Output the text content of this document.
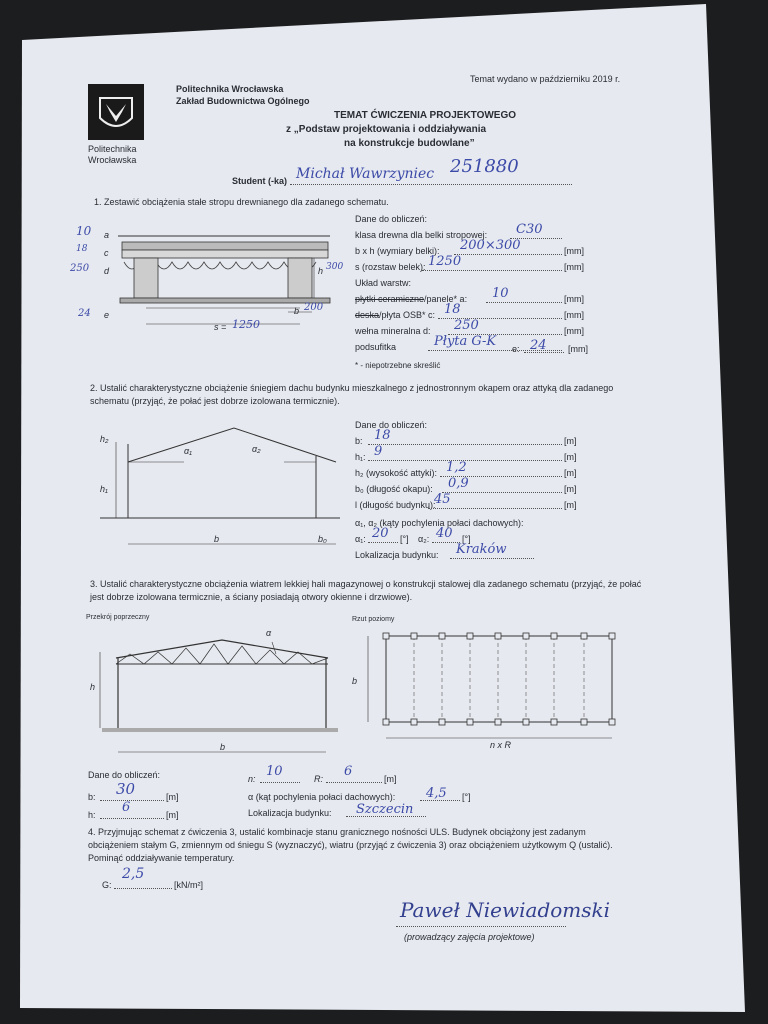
Politechnika
Wrocławska
Politechnika Wrocławska
Zakład Budownictwa Ogólnego
Temat wydano w październiku 2019 r.
TEMAT ĆWICZENIA PROJEKTOWEGO
z „Podstaw projektowania i oddziaływania
na konstrukcje budowlane”
Student (-ka) Michał Wawrzyniec 251880
1. Zestawić obciążenia stałe stropu drewnianego dla zadanego schematu.
a
c
d
e
10
18
250
24
h 300
b 200
s = 1250
Dane do obliczeń:
klasa drewna dla belki stropowej: C30
b x h (wymiary belki): 200×300	[mm]
s (rozstaw belek): 1250	[mm]
Układ warstw:
płytki ceramiczne/panele* a: 10	[mm]
deska/płyta OSB* c: 18	[mm]
wełna mineralna d: 250	[mm]
podsufitka	Płyta G-K e: 24 [mm]
* - niepotrzebne skreślić
2. Ustalić charakterystyczne obciążenie śniegiem dachu budynku mieszkalnego z jednostronnym okapem oraz attyką dla zadanego schematu (przyjąć, że połać jest dobrze izolowana termicznie).
h₂
h₁
α₁	α₂
b	b₀
Dane do obliczeń:
b: 18	[m]
h₁: 9	[m]
h₂ (wysokość attyki): 1,2	[m]
b₀ (długość okapu): 0,9	[m]
l (długość budynku):
45	[m]
α₁, α₂ (kąty pochylenia połaci dachowych):
α₁: 20 [°] α₂: 40 [°]
Lokalizacja budynku: Kraków
3. Ustalić charakterystyczne obciążenia wiatrem lekkiej hali magazynowej o konstrukcji stalowej dla zadanego schematu (przyjąć, że połać jest dobrze izolowana termicznie, a ściany posiadają otwory okienne i drzwiowe).
Przekrój poprzeczny	Rzut poziomy
α
h
b
b
n x R
Dane do obliczeń:
b: 30	[m]
h: 6	[m]
n: 10	R: 6	[m]
α (kąt pochylenia połaci dachowych): 4,5 [°]
Lokalizacja budynku: Szczecin
4. Przyjmując schemat z ćwiczenia 3, ustalić kombinacje stanu granicznego nośności ULS. Budynek obciążony jest zadanym obciążeniem stałym G, zmiennym od śniegu S (wyznaczyć), wiatru (przyjąć z ćwiczenia 3) oraz obciążeniem użytkowym Q (ustalić). Pominąć oddziaływanie temperatury.
G:
2,5
[kN/m²]
Paweł Niewiadomski
(prowadzący zajęcia projektowe)
